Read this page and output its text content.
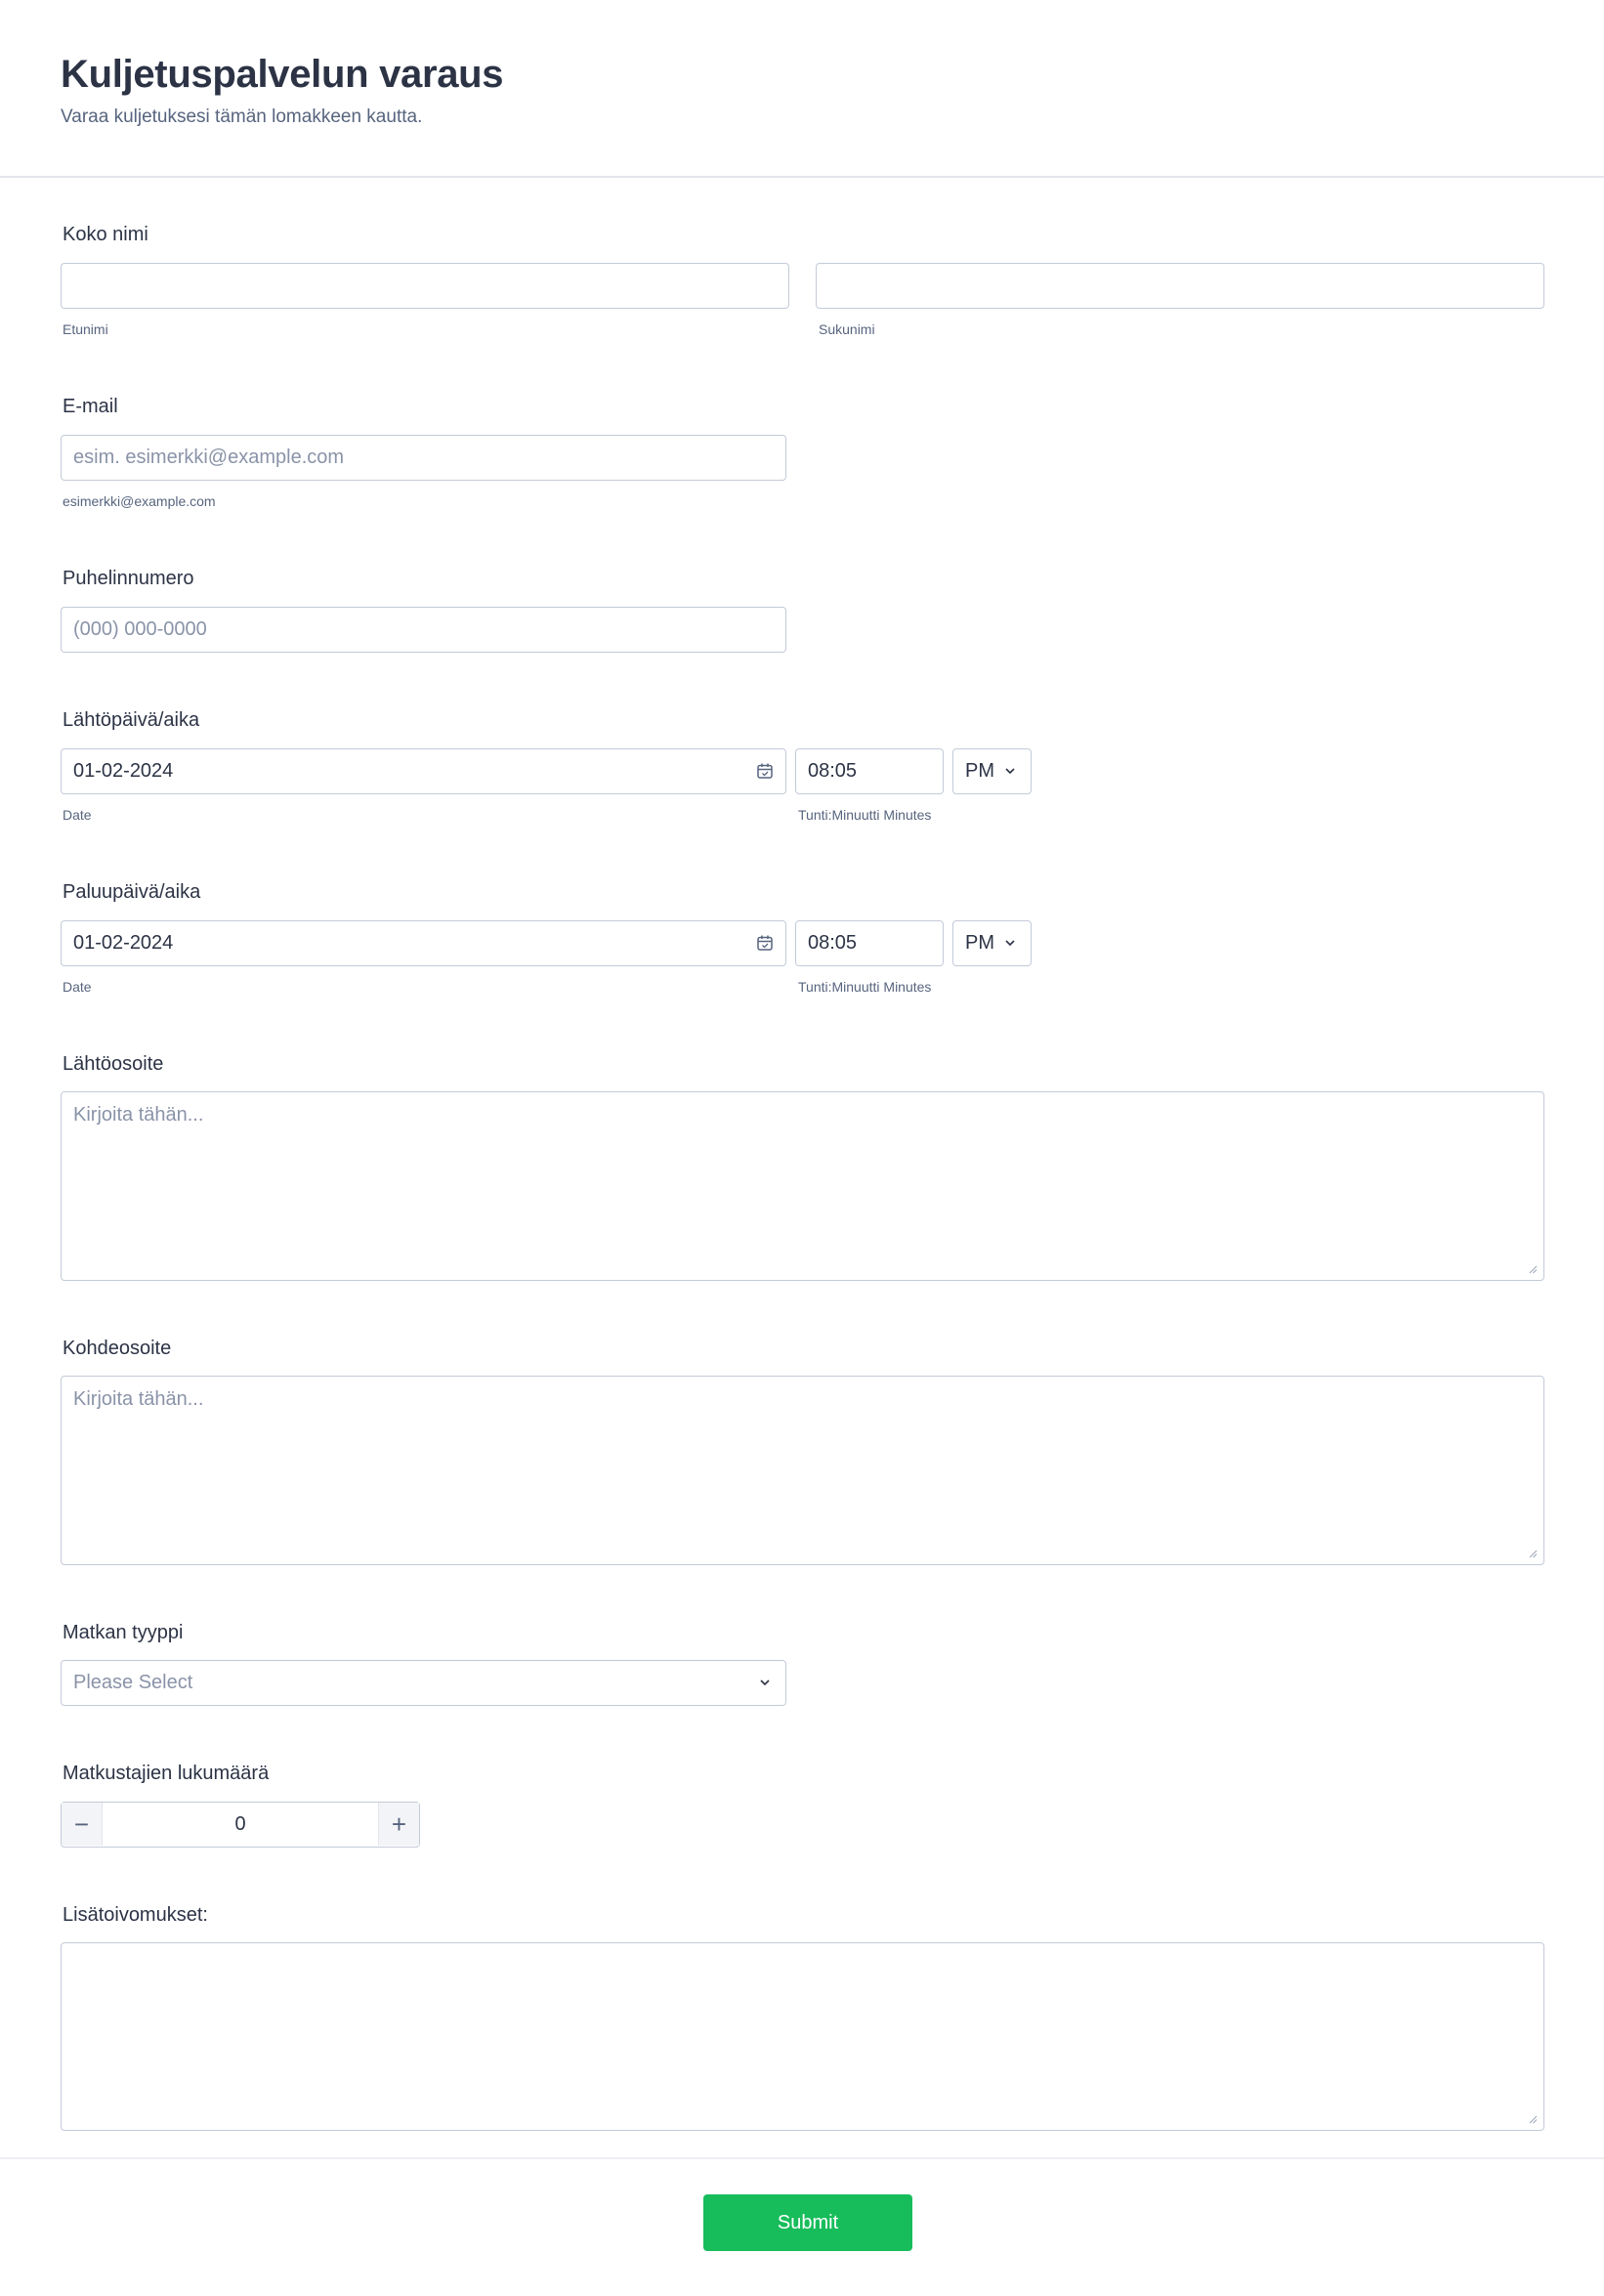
Kuljetuspalvelun varaus
Varaa kuljetuksesi tämän lomakkeen kautta.
Koko nimi
Etunimi	Sukunimi
E-mail
esim. esimerkki@example.com
esimerkki@example.com
Puhelinnumero
(000) 000-0000
Lähtöpäivä/aika
01-02-2024
Date
08:05
Tunti:Minuutti Minutes
PM
Paluupäivä/aika
01-02-2024
Date
08:05
Tunti:Minuutti Minutes
PM
Lähtöosoite
Kirjoita tähän...
Kohdeosoite
Kirjoita tähän...
Matkan tyyppi
Please Select
Matkustajien lukumäärä
−	0	+
Lisätoivomukset:
Submit
